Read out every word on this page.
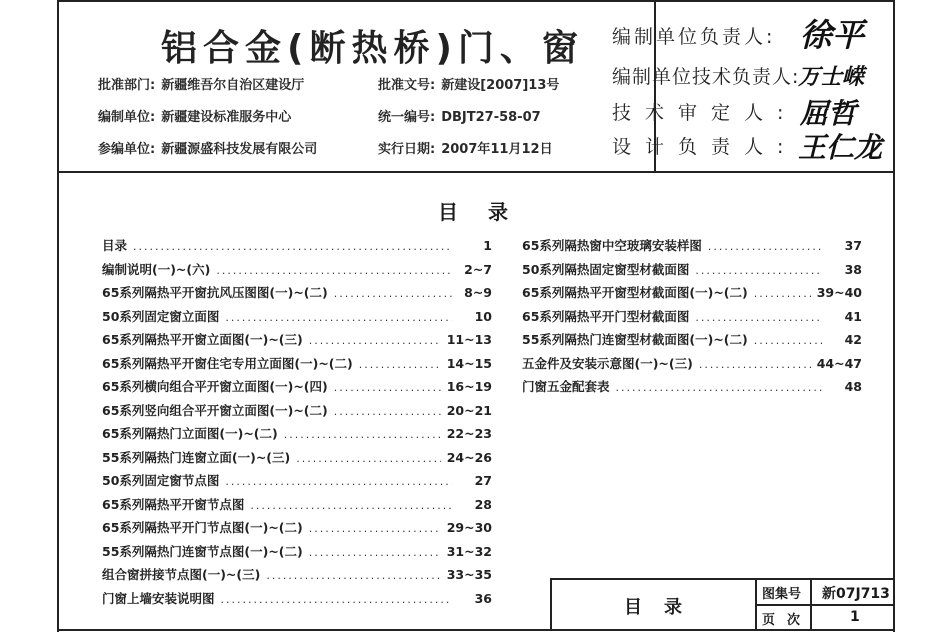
铝合金(断热桥)门、窗
批准部门: 新疆维吾尔自治区建设厅
编制单位: 新疆建设标准服务中心
参编单位: 新疆源盛科技发展有限公司
批准文号: 新建设[2007]13号
统一编号: DBJT27-58-07
实行日期: 2007年11月12日
编制单位负责人: 徐平
编制单位技术负责人:
万士嵘
技术审定人: 屈哲
设计负责人: 王仁龙
目录
目录 .....	1
编制说明(一)~(六) .....	2~7
65系列隔热平开窗抗风压图图(一)~(二) .....	8~9
50系列固定窗立面图 .....	10
65系列隔热平开窗立面图(一)~(三) .....	11~13
65系列隔热平开窗住宅专用立面图(一)~(二) .....	14~15
65系列横向组合平开窗立面图(一)~(四) .....	16~19
65系列竖向组合平开窗立面图(一)~(二) .....	20~21
65系列隔热门立面图(一)~(二) .....	22~23
55系列隔热门连窗立面(一)~(三) .....	24~26
50系列固定窗节点图 .....	27
65系列隔热平开窗节点图 .....	28
65系列隔热平开门节点图(一)~(二) .....	29~30
55系列隔热门连窗节点图(一)~(二) .....	31~32
组合窗拼接节点图(一)~(三) .....	33~35
门窗上墙安装说明图 .....	36
65系列隔热窗中空玻璃安装样图 .....	37
50系列隔热固定窗型材截面图 .....	38
65系列隔热平开窗型材截面图(一)~(二) .....	39~40
65系列隔热平开门型材截面图 .....	41
55系列隔热门连窗型材截面图(一)~(二) .....	42
五金件及安装示意图(一)~(三) .....	44~47
门窗五金配套表 .....	48
目录
图集号 新07J713
页次	1
